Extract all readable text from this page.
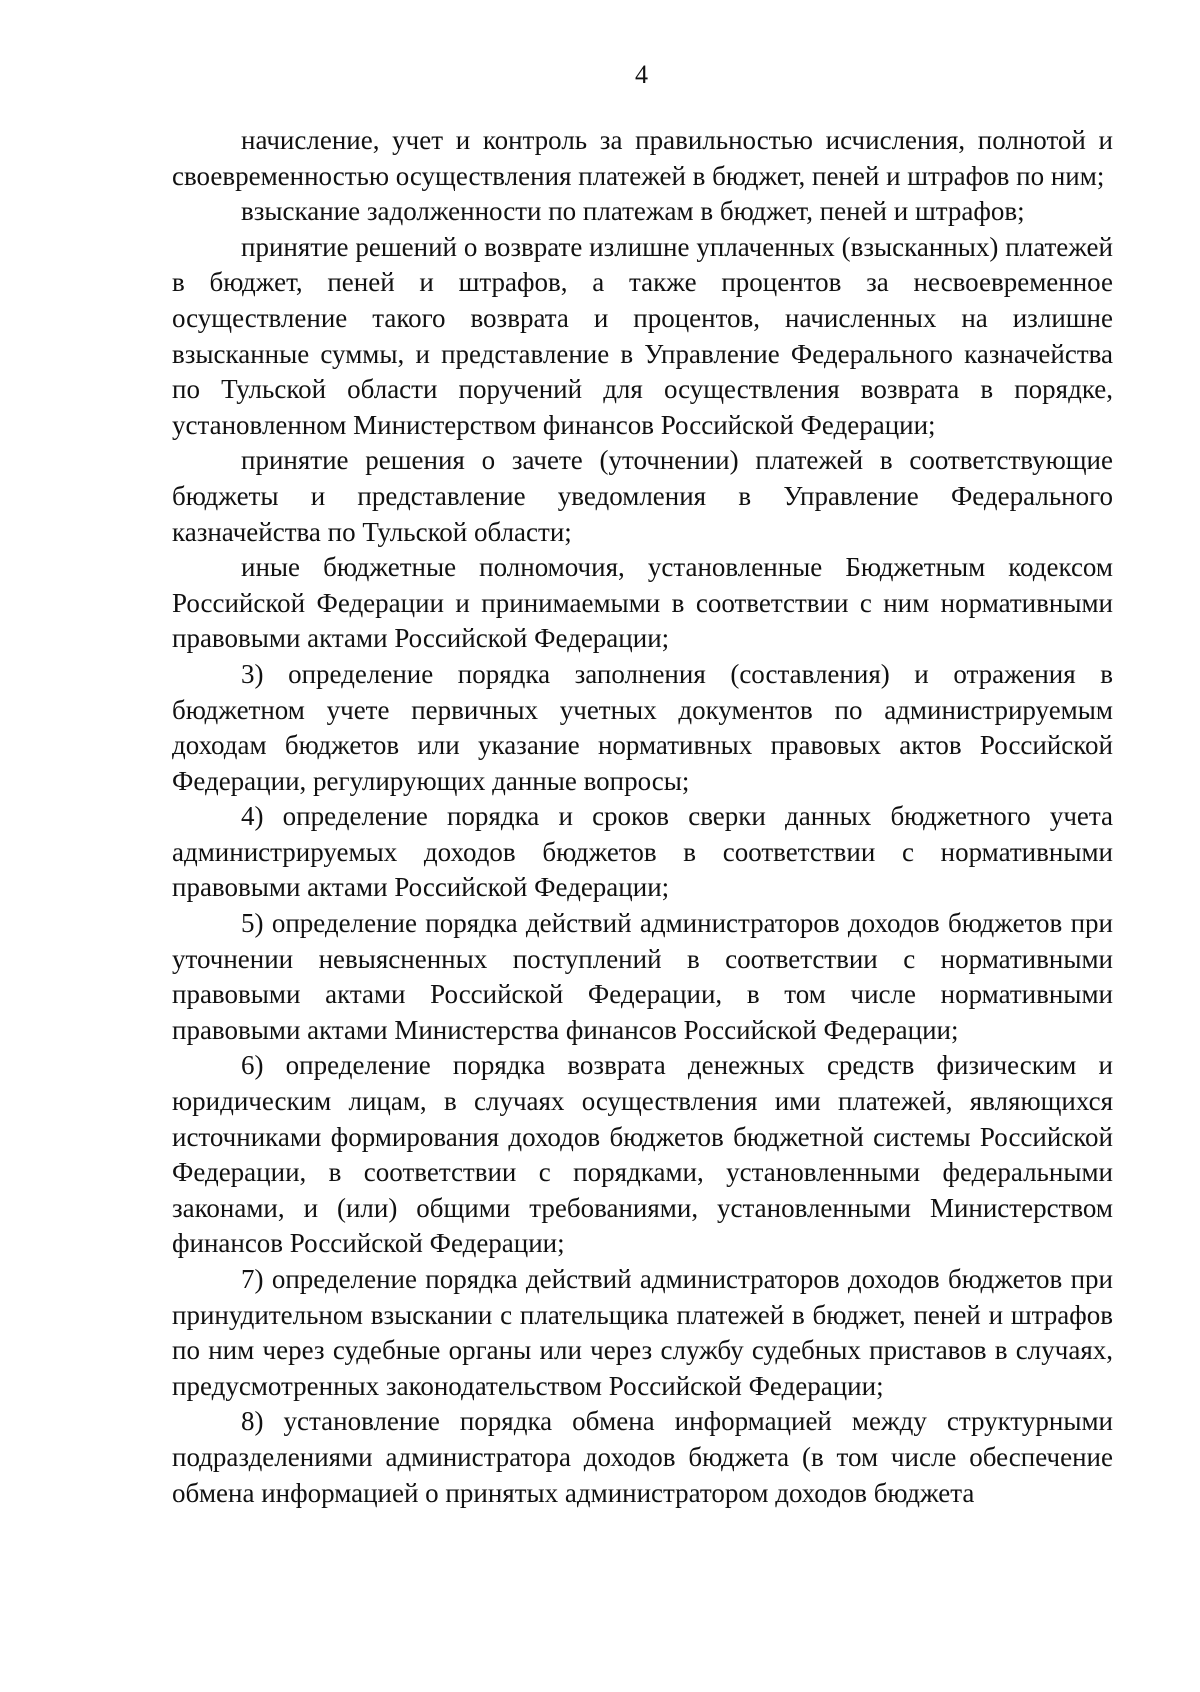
4

начисление, учет и контроль за правильностью исчисления, полнотой и своевременностью осуществления платежей в бюджет, пеней и штрафов по ним;

взыскание задолженности по платежам в бюджет, пеней и штрафов;

принятие решений о возврате излишне уплаченных (взысканных) платежей в бюджет, пеней и штрафов, а также процентов за несвоевременное осуществление такого возврата и процентов, начисленных на излишне взысканные суммы, и представление в Управление Федерального казначейства по Тульской области поручений для осуществления возврата в порядке, установленном Министерством финансов Российской Федерации;

принятие решения о зачете (уточнении) платежей в соответствующие бюджеты и представление уведомления в Управление Федерального казначейства по Тульской области;

иные бюджетные полномочия, установленные Бюджетным кодексом Российской Федерации и принимаемыми в соответствии с ним нормативными правовыми актами Российской Федерации;

3) определение порядка заполнения (составления) и отражения в бюджетном учете первичных учетных документов по администрируемым доходам бюджетов или указание нормативных правовых актов Российской Федерации, регулирующих данные вопросы;

4) определение порядка и сроков сверки данных бюджетного учета администрируемых доходов бюджетов в соответствии с нормативными правовыми актами Российской Федерации;

5) определение порядка действий администраторов доходов бюджетов при уточнении невыясненных поступлений в соответствии с нормативными правовыми актами Российской Федерации, в том числе нормативными правовыми актами Министерства финансов Российской Федерации;

6) определение порядка возврата денежных средств физическим и юридическим лицам, в случаях осуществления ими платежей, являющихся источниками формирования доходов бюджетов бюджетной системы Российской Федерации, в соответствии с порядками, установленными федеральными законами, и (или) общими требованиями, установленными Министерством финансов Российской Федерации;

7) определение порядка действий администраторов доходов бюджетов при принудительном взыскании с плательщика платежей в бюджет, пеней и штрафов по ним через судебные органы или через службу судебных приставов в случаях, предусмотренных законодательством Российской Федерации;

8) установление порядка обмена информацией между структурными подразделениями администратора доходов бюджета (в том числе обеспечение обмена информацией о принятых администратором доходов бюджета
